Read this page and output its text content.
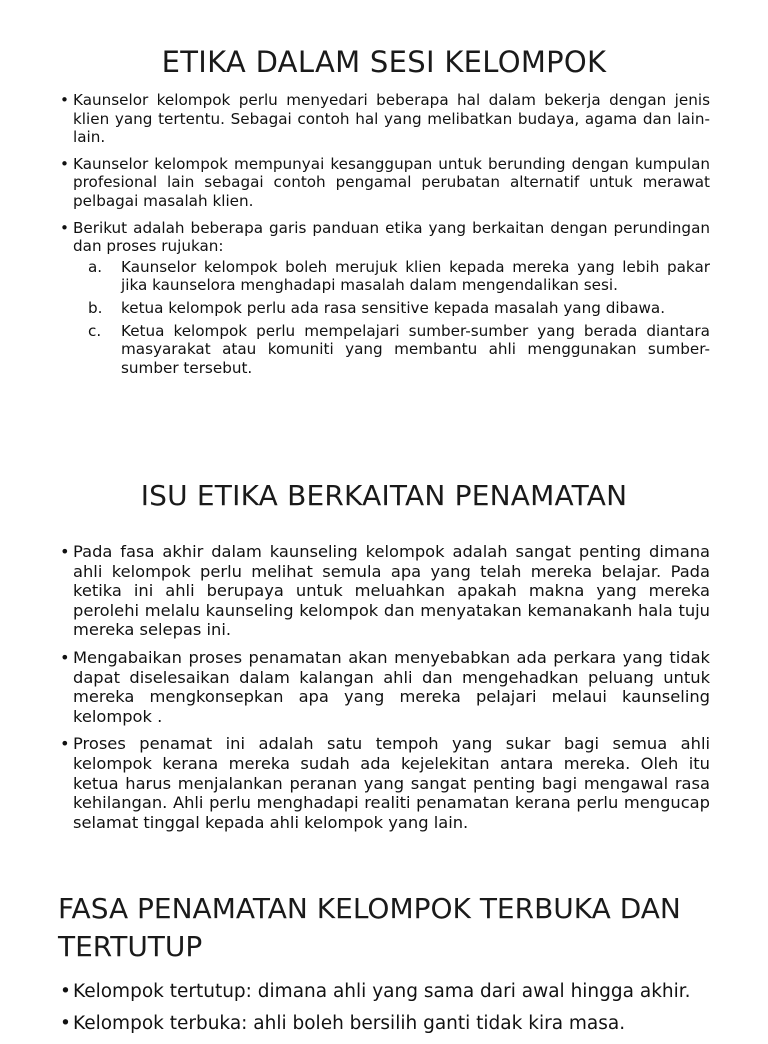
ETIKA DALAM SESI KELOMPOK
• Kaunselor kelompok perlu menyedari beberapa hal dalam bekerja dengan jenis klien yang tertentu. Sebagai contoh hal yang melibatkan budaya, agama dan lain-lain.
• Kaunselor kelompok mempunyai kesanggupan untuk berunding dengan kumpulan profesional lain sebagai contoh pengamal perubatan alternatif untuk merawat pelbagai masalah klien.
• Berikut adalah beberapa garis panduan etika yang berkaitan dengan perundingan dan proses rujukan:
a. Kaunselor kelompok boleh merujuk klien kepada mereka yang lebih pakar jika kaunselora menghadapi masalah dalam mengendalikan sesi.
b. ketua kelompok perlu ada rasa sensitive kepada masalah yang dibawa.
c. Ketua kelompok perlu mempelajari sumber-sumber yang berada diantara masyarakat atau komuniti yang membantu ahli menggunakan sumber-sumber tersebut.
ISU ETIKA BERKAITAN PENAMATAN
• Pada fasa akhir dalam kaunseling kelompok adalah sangat penting dimana ahli kelompok perlu melihat semula apa yang telah mereka belajar. Pada ketika ini ahli berupaya untuk meluahkan apakah makna yang mereka perolehi melalu kaunseling kelompok dan menyatakan kemanakanh hala tuju mereka selepas ini.
• Mengabaikan proses penamatan akan menyebabkan ada perkara yang tidak dapat diselesaikan dalam kalangan ahli dan mengehadkan peluang untuk mereka mengkonsepkan apa yang mereka pelajari melaui kaunseling kelompok .
• Proses penamat ini adalah satu tempoh yang sukar bagi semua ahli kelompok kerana mereka sudah ada kejelekitan antara mereka. Oleh itu ketua harus menjalankan peranan yang sangat penting bagi mengawal rasa kehilangan. Ahli perlu menghadapi realiti penamatan kerana perlu mengucap selamat tinggal kepada ahli kelompok yang lain.
FASA PENAMATAN KELOMPOK TERBUKA DAN TERTUTUP
• Kelompok tertutup: dimana ahli yang sama dari awal hingga akhir.
• Kelompok terbuka: ahli boleh bersilih ganti tidak kira masa.
